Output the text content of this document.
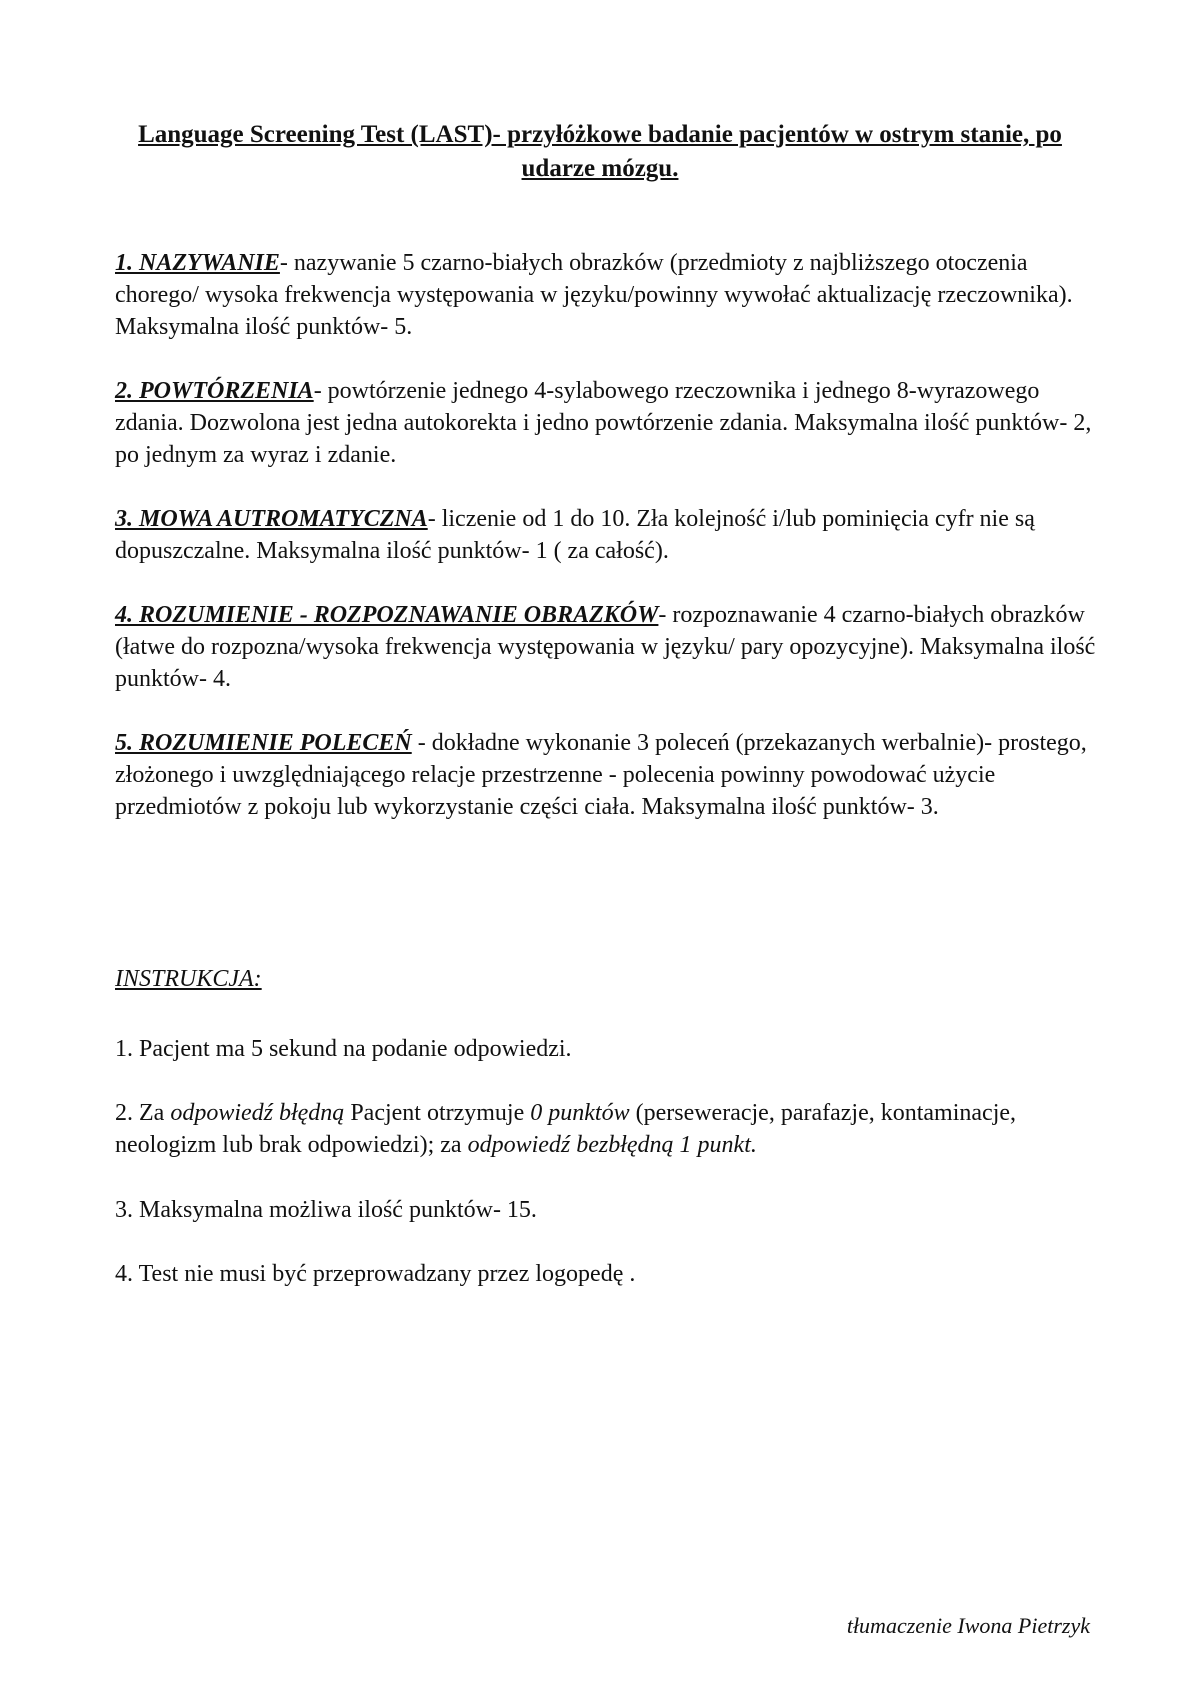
Language Screening Test (LAST)- przyłóżkowe badanie pacjentów w ostrym stanie, po udarze mózgu.

1. NAZYWANIE- nazywanie 5 czarno-białych obrazków (przedmioty z najbliższego otoczenia chorego/ wysoka frekwencja występowania w języku/powinny wywołać aktualizację rzeczownika). Maksymalna ilość punktów- 5.

2. POWTÓRZENIA- powtórzenie jednego 4-sylabowego rzeczownika i jednego 8-wyrazowego zdania. Dozwolona jest jedna autokorekta i jedno powtórzenie zdania. Maksymalna ilość punktów- 2, po jednym za wyraz i zdanie.

3. MOWA AUTROMATYCZNA- liczenie od 1 do 10. Zła kolejność i/lub pominięcia cyfr nie są dopuszczalne. Maksymalna ilość punktów- 1 ( za całość).

4. ROZUMIENIE - ROZPOZNAWANIE OBRAZKÓW- rozpoznawanie 4 czarno-białych obrazków (łatwe do rozpozna/wysoka frekwencja występowania w języku/ pary opozycyjne). Maksymalna ilość punktów- 4.

5. ROZUMIENIE POLECEŃ - dokładne wykonanie 3 poleceń (przekazanych werbalnie)- prostego, złożonego i uwzględniającego relacje przestrzenne - polecenia powinny powodować użycie przedmiotów z pokoju lub wykorzystanie części ciała. Maksymalna ilość punktów- 3.

INSTRUKCJA:

1. Pacjent ma 5 sekund na podanie odpowiedzi.

2. Za odpowiedź błędną Pacjent otrzymuje 0 punktów (perseweracje, parafazje, kontaminacje, neologizm lub brak odpowiedzi); za odpowiedź bezbłędną 1 punkt.

3. Maksymalna możliwa ilość punktów- 15.

4. Test nie musi być przeprowadzany przez logopedę .

tłumaczenie Iwona Pietrzyk
